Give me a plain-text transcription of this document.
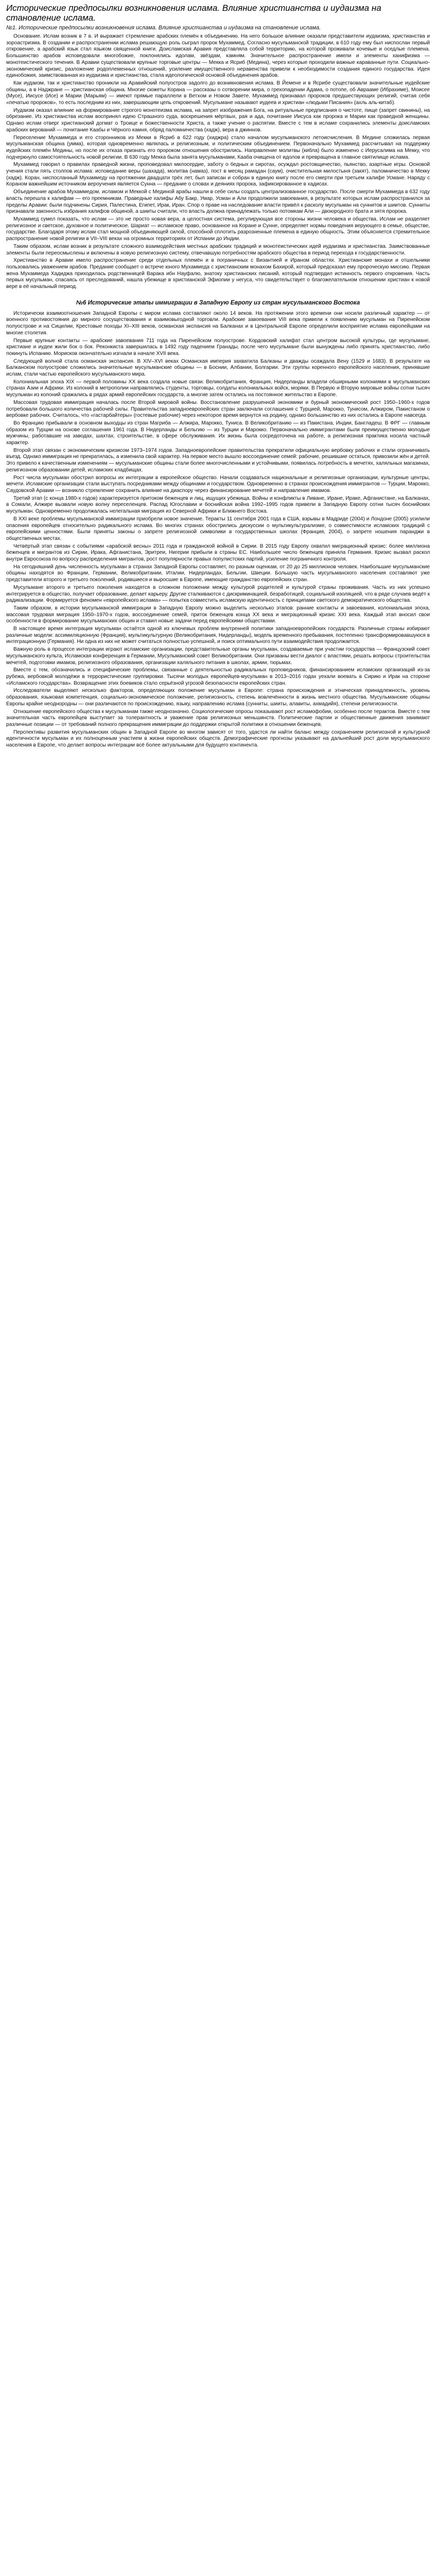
Исторические предпосылки возникновения ислама. Влияние христианства и иудаизма на становление ислама.
№1. Исторические предпосылки возникновения ислама. Влияние христианства и иудаизма на становление ислама.

Основание. Ислам возник в 7 в. И выражает стремление арабских племён к объединению. На него большое влияние оказали представители иудаизма, христианства и зороастризма. В создании и распространении ислама решающую роль сыграл пророк Мухаммед. Согласно мусульманской традиции, в 610 году ему был ниспослан первый откровение, а арабский язык стал языком священной книги. Доисламская Аравия представляла собой территорию, на которой проживали кочевые и оседлые племена. Большинство арабов исповедовали многобожие, поклонялись идолам, звёздам, камням. Значительное распространение имели и элементы ханифизма — монотеистического течения. В Аравии существовали крупные торговые центры — Мекка и Ясриб (Медина), через которые проходили важные караванные пути. Социально-экономический кризис, разложение родоплеменных отношений, усиление имущественного неравенства привели к необходимости создания единого государства. Идея единобожия, заимствованная из иудаизма и христианства, стала идеологической основой объединения арабов.

Как иудаизм, так и христианство проникли на Аравийский полуостров задолго до возникновения ислама. В Йемене и в Ясрибе существовали значительные иудейские общины, а в Наджране — христианская община. Многие сюжеты Корана — рассказы о сотворении мира, о грехопадении Адама, о потопе, об Аврааме (Ибрахиме), Моисее (Мусе), Иисусе (Исе) и Марии (Марьям) — имеют прямые параллели в Ветхом и Новом Завете. Мухаммед признавал пророков предшествующих религий, считая себя «печатью пророков», то есть последним из них, завершающим цепь откровений. Мусульмане называют иудеев и христиан «людьми Писания» (ахль аль-китаб).

Иудаизм оказал влияние на формирование строгого монотеизма ислама, на запрет изображения Бога, на ритуальные предписания о чистоте, пище (запрет свинины), на обрезание. Из христианства ислам воспринял идею Страшного суда, воскрешения мёртвых, рая и ада, почитание Иисуса как пророка и Марии как праведной женщины. Однако ислам отверг христианский догмат о Троице и божественности Христа, а также учение о распятии. Вместе с тем в исламе сохранились элементы доисламских арабских верований — почитание Каабы и Чёрного камня, обряд паломничества (хадж), вера в джиннов.

Переселение Мухаммеда и его сторонников из Мекки в Ясриб в 622 году (хиджра) стало началом мусульманского летоисчисления. В Медине сложилась первая мусульманская община (умма), которая одновременно являлась и религиозным, и политическим объединением. Первоначально Мухаммед рассчитывал на поддержку иудейских племён Медины, но после их отказа признать его пророком отношения обострились. Направление молитвы (кибла) было изменено с Иерусалима на Мекку, что подчеркнуло самостоятельность новой религии. В 630 году Мекка была занята мусульманами, Кааба очищена от идолов и превращена в главное святилище ислама.

Мухаммед говорил о правилах праведной жизни, проповедовал милосердие, заботу о бедных и сиротах, осуждал ростовщичество, пьянство, азартные игры. Основой учения стали пять столпов ислама: исповедание веры (шахада), молитва (намаз), пост в месяц рамадан (саум), очистительная милостыня (закят), паломничество в Мекку (хадж). Коран, ниспосланный Мухаммеду на протяжении двадцати трёх лет, был записан и собран в единую книгу после его смерти при третьем халифе Усмане. Наряду с Кораном важнейшим источником вероучения является Сунна — предание о словах и деяниях пророка, зафиксированное в хадисах.

Объединение арабов Мухаммедом, исламом и Меккой с Мединой арабы нашли в себе силы создать централизованное государство. После смерти Мухаммеда в 632 году власть перешла к халифам — его преемникам. Праведные халифы Абу Бакр, Умар, Усман и Али продолжили завоевания, в результате которых ислам распространился за пределы Аравии: были подчинены Сирия, Палестина, Египет, Ирак, Иран. Спор о праве на наследование власти привёл к расколу мусульман на суннитов и шиитов. Сунниты признавали законность избрания халифов общиной, а шииты считали, что власть должна принадлежать только потомкам Али — двоюродного брата и зятя пророка.

Мухаммед сумел показать, что ислам — это не просто новая вера, а целостная система, регулирующая все стороны жизни человека и общества. Ислам не разделяет религиозное и светское, духовное и политическое. Шариат — исламское право, основанное на Коране и Сунне, определяет нормы поведения верующего в семье, обществе, государстве. Благодаря этому ислам стал мощной объединяющей силой, способной сплотить разрозненные племена в единую общность. Этим объясняется стремительное распространение новой религии в VII–VIII веках на огромных территориях от Испании до Индии.

Таким образом, ислам возник в результате сложного взаимодействия местных арабских традиций и монотеистических идей иудаизма и христианства. Заимствованные элементы были переосмыслены и включены в новую религиозную систему, отвечавшую потребностям арабского общества в период перехода к государственности.

Христианство в Аравии имело распространение среди отдельных племён и в пограничных с Византией и Ираном областях. Христианские монахи и отшельники пользовались уважением арабов. Предание сообщает о встрече юного Мухаммеда с христианским монахом Бахирой, который предсказал ему пророческую миссию. Первая жена Мухаммеда Хадиджа приходилась родственницей Варака ибн Науфалю, знатоку христианских писаний, который подтвердил истинность первого откровения. Часть первых мусульман, спасаясь от преследований, нашла убежище в христианской Эфиопии у негуса, что свидетельствует о благожелательном отношении христиан к новой вере в её начальный период.

№6 Исторические этапы иммиграции в Западную Европу из стран мусульманского Востока

Исторически взаимоотношения Западной Европы с миром ислама составляют около 14 веков. На протяжении этого времени они носили различный характер — от военного противостояния до мирного сосуществования и взаимовыгодной торговли. Арабские завоевания VIII века привели к появлению мусульман на Пиренейском полуострове и на Сицилии, Крестовые походы XI–XIII веков, османская экспансия на Балканах и в Центральной Европе определили восприятие ислама европейцами на многие столетия.

Первые крупные контакты — арабские завоевания 711 года на Пиренейском полуострове. Кордовский халифат стал центром высокой культуры, где мусульмане, христиане и иудеи жили бок о бок. Реконкиста завершилась в 1492 году падением Гранады, после чего мусульмане были вынуждены либо принять христианство, либо покинуть Испанию. Морисков окончательно изгнали в начале XVII века.

Следующей волной стала османская экспансия. В XIV–XVI веках Османская империя захватила Балканы и дважды осаждала Вену (1529 и 1683). В результате на Балканском полуострове сложились значительные мусульманские общины — в Боснии, Албании, Болгарии. Эти группы коренного европейского населения, принявшие ислам, стали частью европейского мусульманского мира.

Колониальная эпоха XIX — первой половины XX века создала новые связи. Великобритания, Франция, Нидерланды владели обширными колониями в мусульманских странах Азии и Африки. Из колоний в метрополии направлялись студенты, торговцы, солдаты колониальных войск, моряки. В Первую и Вторую мировые войны сотни тысяч мусульман из колоний сражались в рядах армий европейских государств, а многие затем остались на постоянное жительство в Европе.

Массовая трудовая иммиграция началась после Второй мировой войны. Восстановление разрушенной экономики и бурный экономический рост 1950–1960-х годов потребовали большого количества рабочей силы. Правительства западноевропейских стран заключали соглашения с Турцией, Марокко, Тунисом, Алжиром, Пакистаном о вербовке рабочих. Считалось, что «гастарбайтеры» (гостевые рабочие) через некоторое время вернутся на родину, однако большинство из них остались в Европе навсегда.

Во Францию прибывали в основном выходцы из стран Магриба — Алжира, Марокко, Туниса. В Великобританию — из Пакистана, Индии, Бангладеш. В ФРГ — главным образом из Турции на основе соглашения 1961 года. В Нидерланды и Бельгию — из Турции и Марокко. Первоначально иммигрантами были преимущественно молодые мужчины, работавшие на заводах, шахтах, строительстве, в сфере обслуживания. Их жизнь была сосредоточена на работе, а религиозная практика носила частный характер.

Второй этап связан с экономическим кризисом 1973–1974 годов. Западноевропейские правительства прекратили официальную вербовку рабочих и стали ограничивать въезд. Однако иммиграция не прекратилась, а изменила свой характер. На первое место вышло воссоединение семей: рабочие, решившие остаться, привозили жён и детей. Это привело к качественным изменениям — мусульманские общины стали более многочисленными и устойчивыми, появилась потребность в мечетях, халяльных магазинах, религиозном образовании детей, исламских кладбищах.

Рост числа мусульман обострил вопросы их интеграции в европейское общество. Начали создаваться национальные и религиозные организации, культурные центры, мечети. Исламские организации стали выступать посредниками между общинами и государством. Одновременно в странах происхождения иммигрантов — Турции, Марокко, Саудовской Аравии — возникло стремление сохранить влияние на диаспору через финансирование мечетей и направление имамов.

Третий этап (с конца 1980-х годов) характеризуется притоком беженцев и лиц, ищущих убежища. Войны и конфликты в Ливане, Иране, Ираке, Афганистане, на Балканах, в Сомали, Алжире вызвали новую волну переселенцев. Распад Югославии и боснийская война 1992–1995 годов привели в Западную Европу сотни тысяч боснийских мусульман. Одновременно продолжалась нелегальная миграция из Северной Африки и Ближнего Востока.

В XXI веке проблемы мусульманской иммиграции приобрели новое значение. Теракты 11 сентября 2001 года в США, взрывы в Мадриде (2004) и Лондоне (2005) усилили опасения европейцев относительно радикального ислама. Во многих странах обострились дискуссии о мультикультурализме, о совместимости исламских традиций с европейскими ценностями. Были приняты законы о запрете религиозной символики в государственных школах (Франция, 2004), о запрете ношения паранджи в общественных местах.

Четвёртый этап связан с событиями «арабской весны» 2011 года и гражданской войной в Сирии. В 2015 году Европу охватил миграционный кризис: более миллиона беженцев и мигрантов из Сирии, Ирака, Афганистана, Эритреи, Нигерии прибыли в страны ЕС. Наибольшее число беженцев приняла Германия. Кризис вызвал раскол внутри Евросоюза по вопросу распределения мигрантов, рост популярности правых популистских партий, усиление пограничного контроля.

На сегодняшний день численность мусульман в странах Западной Европы составляет, по разным оценкам, от 20 до 25 миллионов человек. Наибольшие мусульманские общины находятся во Франции, Германии, Великобритании, Италии, Нидерландах, Бельгии, Швеции. Большую часть мусульманского населения составляют уже представители второго и третьего поколений, родившиеся и выросшие в Европе, имеющие гражданство европейских стран.

Мусульмане второго и третьего поколения находятся в сложном положении между культурой родителей и культурой страны проживания. Часть из них успешно интегрируется в общество, получает образование, делает карьеру. Другие сталкиваются с дискриминацией, безработицей, социальной изоляцией, что в ряде случаев ведёт к радикализации. Формируется феномен «европейского ислама» — попытка совместить исламскую идентичность с принципами светского демократического общества.

Таким образом, в истории мусульманской иммиграции в Западную Европу можно выделить несколько этапов: ранние контакты и завоевания, колониальная эпоха, массовая трудовая миграция 1950–1970-х годов, воссоединение семей, приток беженцев конца XX века и миграционный кризис XXI века. Каждый этап вносил свои особенности в формирование мусульманских общин и ставил новые задачи перед европейскими обществами.

В настоящее время интеграция мусульман остаётся одной из ключевых проблем внутренней политики западноевропейских государств. Различные страны избирают различные модели: ассимиляционную (Франция), мультикультурную (Великобритания, Нидерланды), модель временного пребывания, постепенно трансформировавшуюся в интеграционную (Германия). Ни одна из них не может считаться полностью успешной, и поиск оптимального пути взаимодействия продолжается.

Важную роль в процессе интеграции играют исламские организации, представительные органы мусульман, создаваемые при участии государства — Французский совет мусульманского культа, Исламская конференция в Германии, Мусульманский совет Великобритании. Они призваны вести диалог с властями, решать вопросы строительства мечетей, подготовки имамов, религиозного образования, организации халяльного питания в школах, армии, тюрьмах.

Вместе с тем, обозначились и специфические проблемы, связанные с деятельностью радикальных проповедников, финансированием исламских организаций из-за рубежа, вербовкой молодёжи в террористические группировки. Тысячи молодых европейцев-мусульман в 2013–2016 годах уехали воевать в Сирию и Ирак на стороне «Исламского государства». Возвращение этих боевиков стало серьёзной угрозой безопасности европейских стран.

Исследователи выделяют несколько факторов, определяющих положение мусульман в Европе: страна происхождения и этническая принадлежность, уровень образования, языковая компетенция, социально-экономическое положение, религиозность, степень вовлечённости в жизнь местного общества. Мусульманские общины Европы крайне неоднородны — они различаются по происхождению, языку, направлению ислама (сунниты, шииты, алавиты, ахмадийя), степени религиозности.

Отношение европейского общества к мусульманам также неоднозначно. Социологические опросы показывают рост исламофобии, особенно после терактов. Вместе с тем значительная часть европейцев выступает за толерантность и уважение прав религиозных меньшинств. Политические партии и общественные движения занимают различные позиции — от требований полного прекращения иммиграции до поддержки открытой политики в отношении беженцев.

Перспективы развития мусульманских общин в Западной Европе во многом зависят от того, удастся ли найти баланс между сохранением религиозной и культурной идентичности мусульман и их полноценным участием в жизни европейских обществ. Демографические прогнозы указывают на дальнейший рост доли мусульманского населения в Европе, что делает вопросы интеграции всё более актуальными для будущего континента.
